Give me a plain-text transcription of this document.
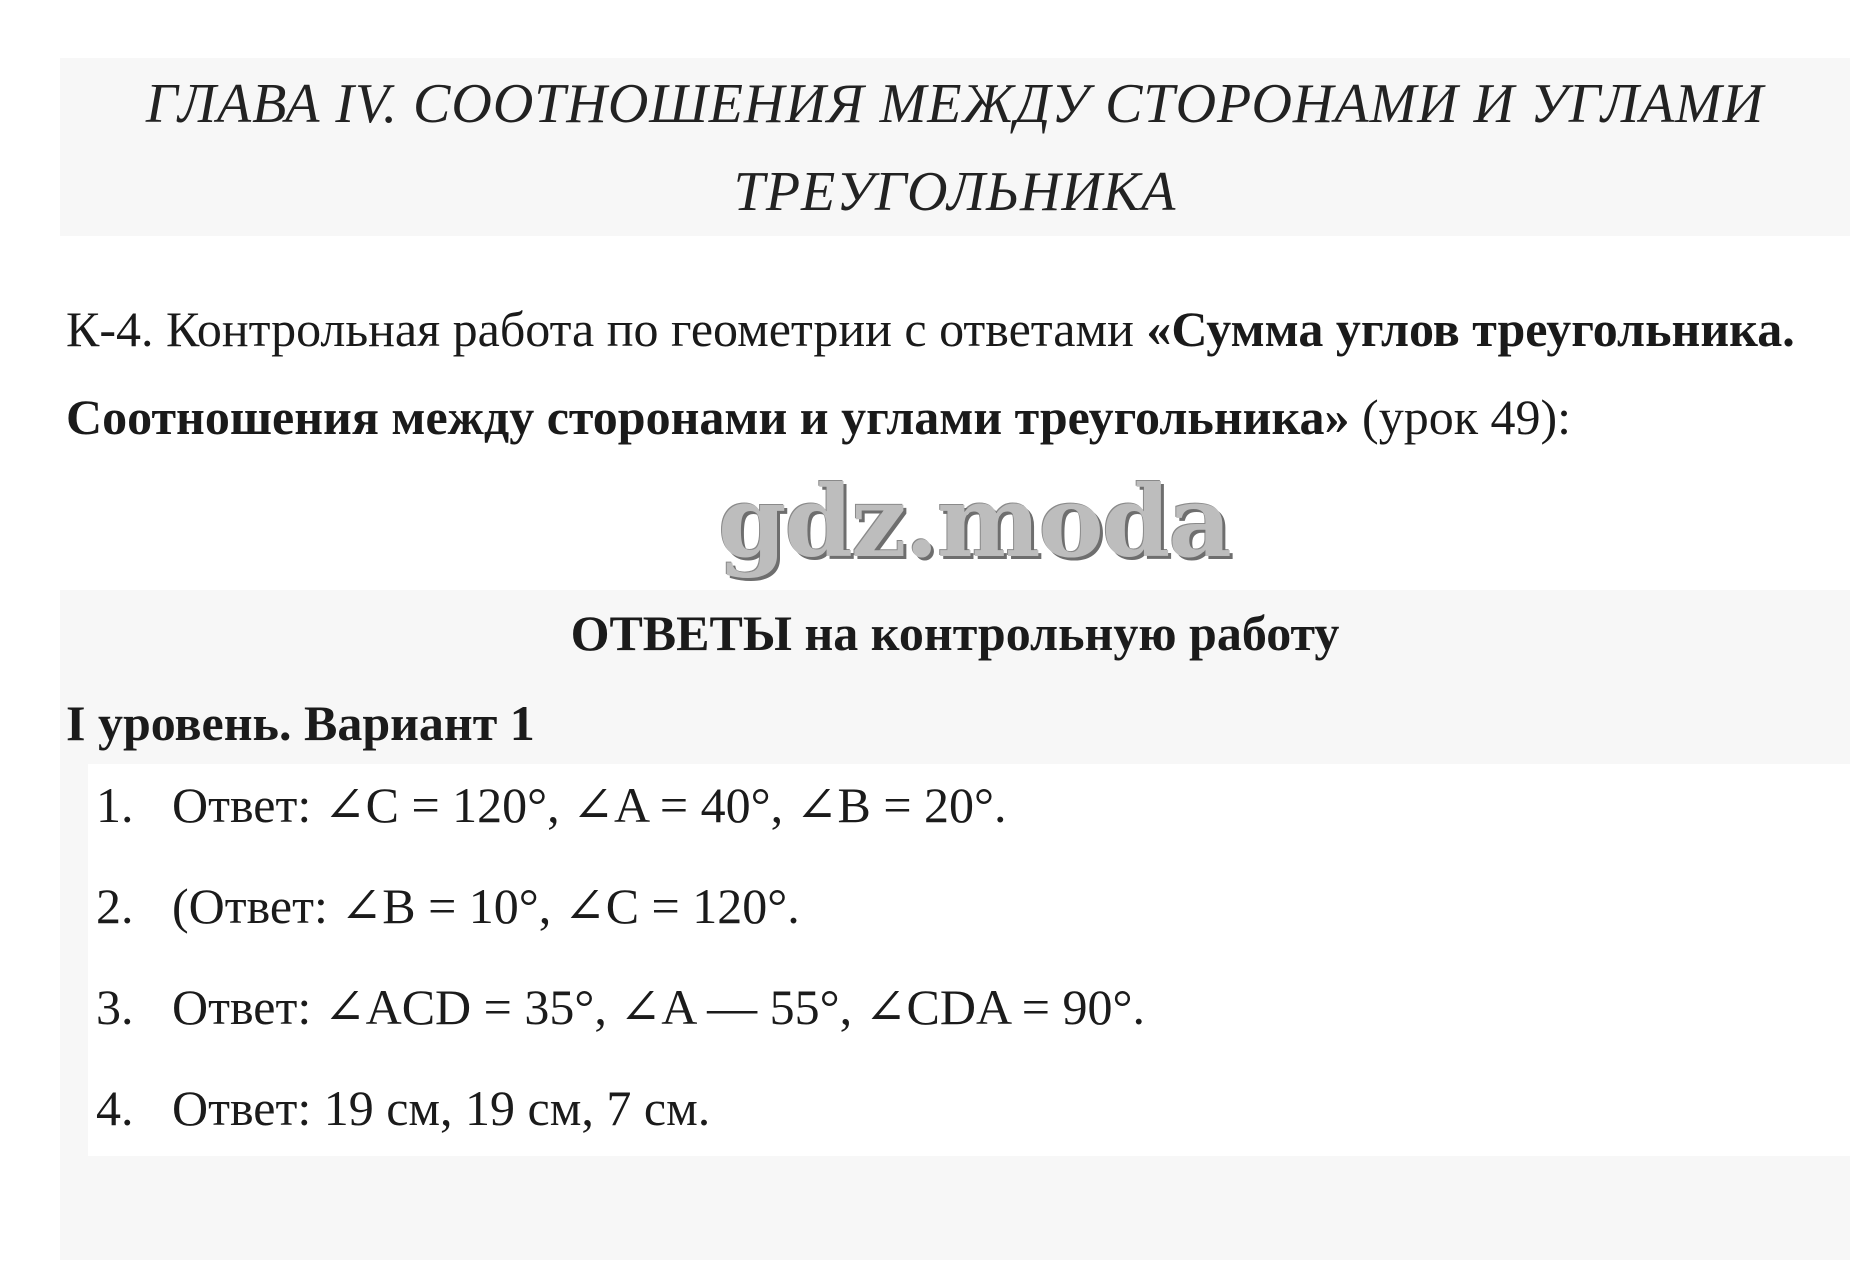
ГЛАВА IV. СООТНОШЕНИЯ МЕЖДУ СТОРОНАМИ И УГЛАМИ
ТРЕУГОЛЬНИКА
К-4. Контрольная работа по геометрии с ответами «Сумма углов треугольника. Соотношения между сторонами и углами треугольника» (урок 49):
gdz.moda
ОТВЕТЫ на контрольную работу
I уровень. Вариант 1
1. Ответ: ∠C = 120°, ∠A = 40°, ∠B = 20°.
2. (Ответ: ∠B = 10°, ∠C = 120°.
3. Ответ: ∠ACD = 35°, ∠A — 55°, ∠CDA = 90°.
4. Ответ: 19 см, 19 см, 7 см.
